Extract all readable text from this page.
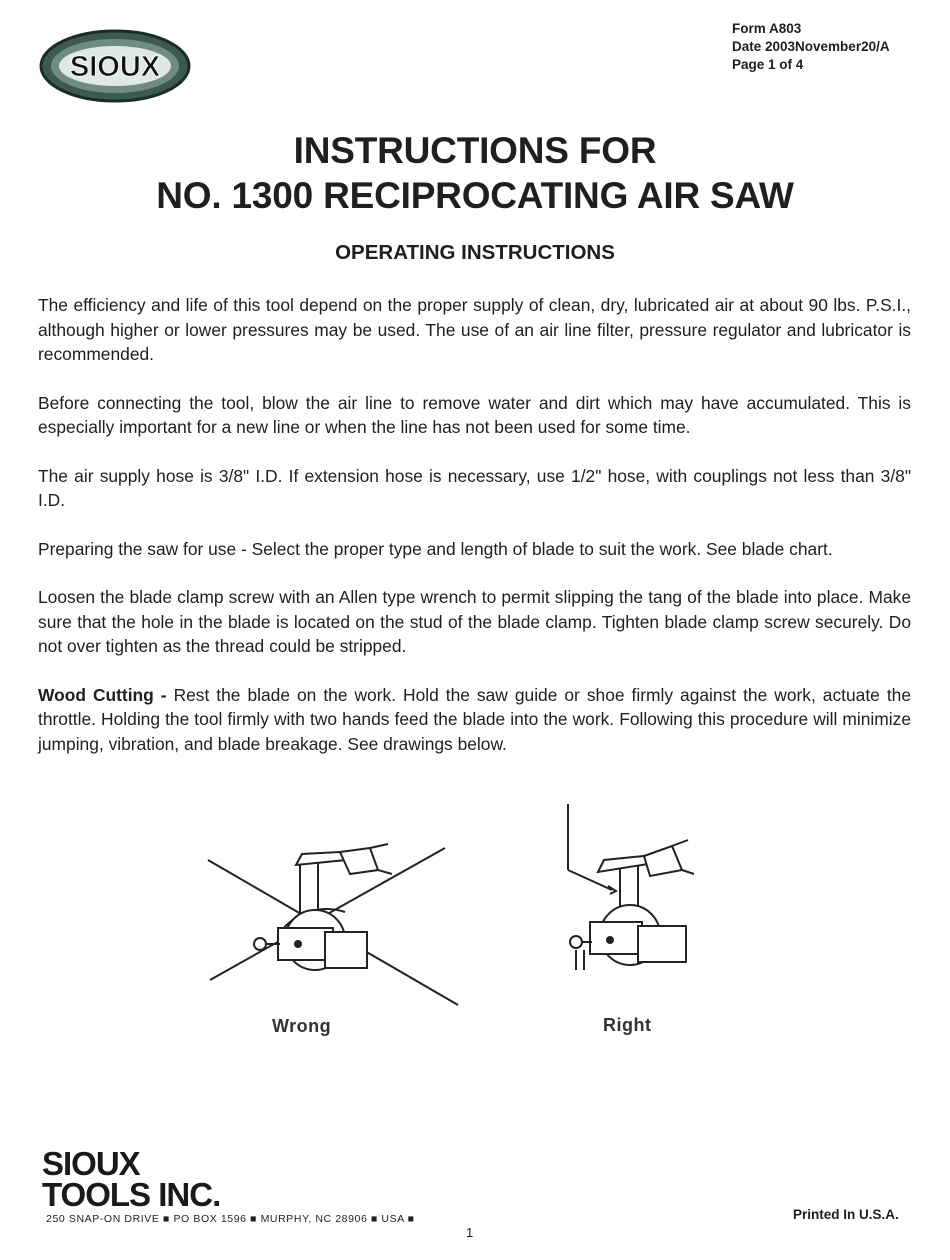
SIOUX
Form A803
Date 2003November20/A
Page 1 of 4
INSTRUCTIONS FOR
NO. 1300 RECIPROCATING AIR SAW
OPERATING INSTRUCTIONS

The efficiency and life of this tool depend on the proper supply of clean, dry, lubricated air at about 90 lbs. P.S.I., although higher or lower pressures may be used. The use of an air line filter, pressure regulator and lubricator is recommended.

Before connecting the tool, blow the air line to remove water and dirt which may have accumulated. This is especially important for a new line or when the line has not been used for some time.

The air supply hose is 3/8" I.D. If extension hose is necessary, use 1/2" hose, with couplings not less than 3/8" I.D.

Preparing the saw for use - Select the proper type and length of blade to suit the work. See blade chart.

Loosen the blade clamp screw with an Allen type wrench to permit slipping the tang of the blade into place. Make sure that the hole in the blade is located on the stud of the blade clamp. Tighten blade clamp screw securely. Do not over tighten as the thread could be stripped.

Wood Cutting - Rest the blade on the work. Hold the saw guide or shoe firmly against the work, actuate the throttle. Holding the tool firmly with two hands feed the blade into the work. Following this procedure will minimize jumping, vibration, and blade breakage. See drawings below.

Wrong	Right
SIOUX
TOOLS INC.
250 SNAP-ON DRIVE ■ PO BOX 1596 ■ MURPHY, NC 28906 ■ USA ■	Printed In U.S.A.
1
